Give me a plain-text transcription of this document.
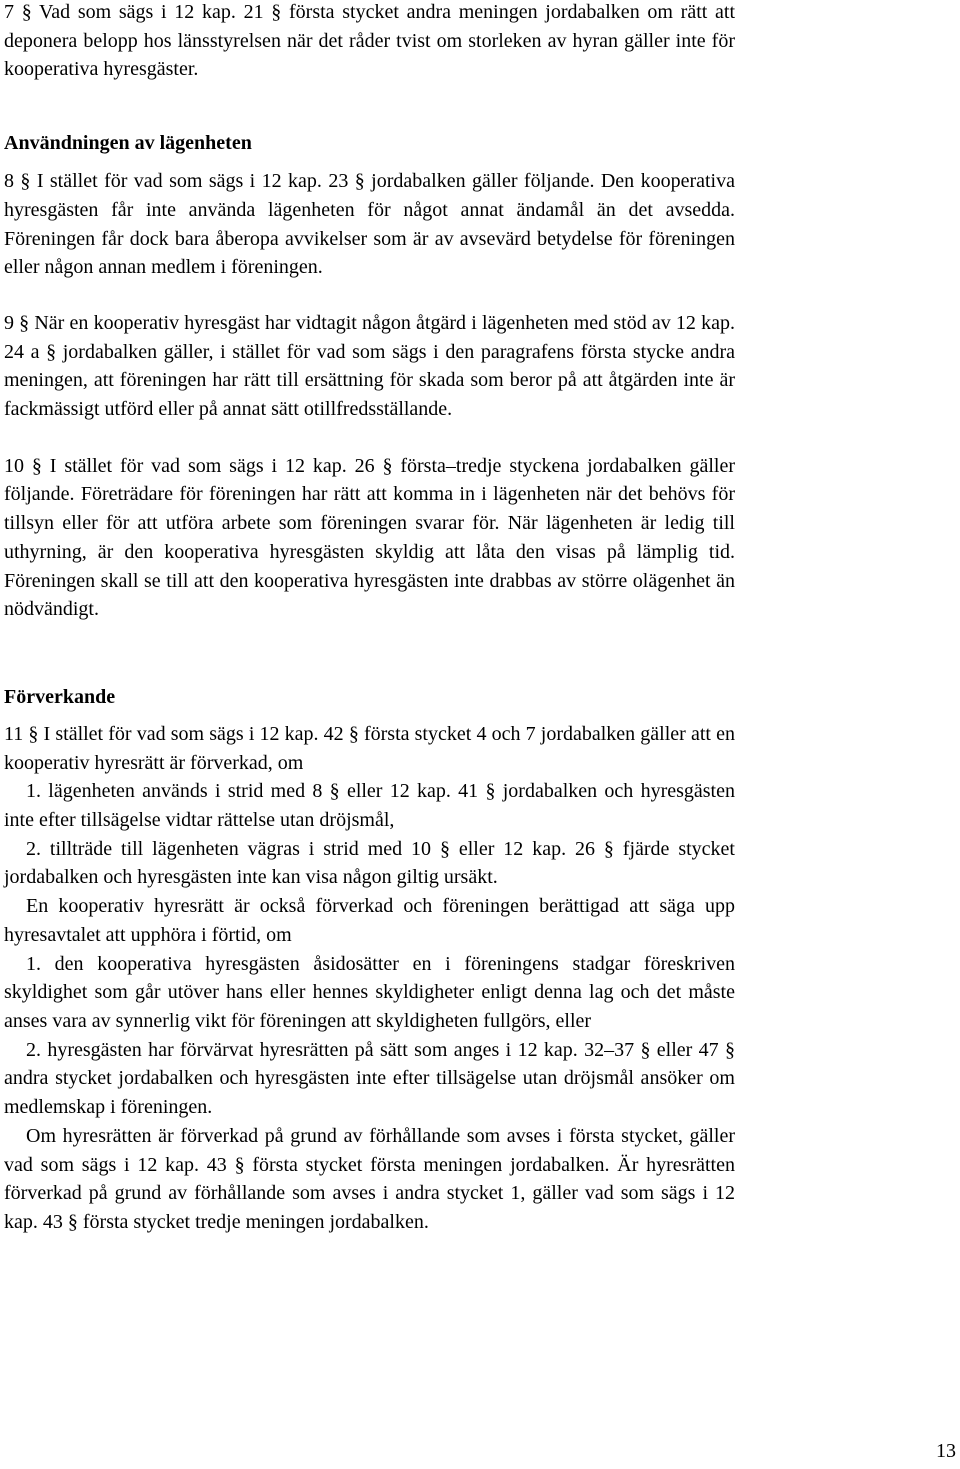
7 § Vad som sägs i 12 kap. 21 § första stycket andra meningen jordabalken om rätt att deponera belopp hos länsstyrelsen när det råder tvist om storleken av hyran gäller inte för kooperativa hyresgäster.

Användningen av lägenheten

8 § I stället för vad som sägs i 12 kap. 23 § jordabalken gäller följande. Den kooperativa hyresgästen får inte använda lägenheten för något annat ändamål än det avsedda. Föreningen får dock bara åberopa avvikelser som är av avsevärd betydelse för föreningen eller någon annan medlem i föreningen.

9 § När en kooperativ hyresgäst har vidtagit någon åtgärd i lägenheten med stöd av 12 kap. 24 a § jordabalken gäller, i stället för vad som sägs i den paragrafens första stycke andra meningen, att föreningen har rätt till ersättning för skada som beror på att åtgärden inte är fackmässigt utförd eller på annat sätt otillfredsställande.

10 § I stället för vad som sägs i 12 kap. 26 § första–tredje styckena jordabalken gäller följande. Företrädare för föreningen har rätt att komma in i lägenheten när det behövs för tillsyn eller för att utföra arbete som föreningen svarar för. När lägenheten är ledig till uthyrning, är den kooperativa hyresgästen skyldig att låta den visas på lämplig tid. Föreningen skall se till att den kooperativa hyresgästen inte drabbas av större olägenhet än nödvändigt.

Förverkande

11 § I stället för vad som sägs i 12 kap. 42 § första stycket 4 och 7 jordabalken gäller att en kooperativ hyresrätt är förverkad, om

1. lägenheten används i strid med 8 § eller 12 kap. 41 § jordabalken och hyresgästen inte efter tillsägelse vidtar rättelse utan dröjsmål,

2. tillträde till lägenheten vägras i strid med 10 § eller 12 kap. 26 § fjärde stycket jordabalken och hyresgästen inte kan visa någon giltig ursäkt.

En kooperativ hyresrätt är också förverkad och föreningen berättigad att säga upp hyresavtalet att upphöra i förtid, om

1. den kooperativa hyresgästen åsidosätter en i föreningens stadgar föreskriven skyldighet som går utöver hans eller hennes skyldigheter enligt denna lag och det måste anses vara av synnerlig vikt för föreningen att skyldigheten fullgörs, eller

2. hyresgästen har förvärvat hyresrätten på sätt som anges i 12 kap. 32–37 § eller 47 § andra stycket jordabalken och hyresgästen inte efter tillsägelse utan dröjsmål ansöker om medlemskap i föreningen.

Om hyresrätten är förverkad på grund av förhållande som avses i första stycket, gäller vad som sägs i 12 kap. 43 § första stycket första meningen jordabalken. Är hyresrätten förverkad på grund av förhållande som avses i andra stycket 1, gäller vad som sägs i 12 kap. 43 § första stycket tredje meningen jordabalken.

13
